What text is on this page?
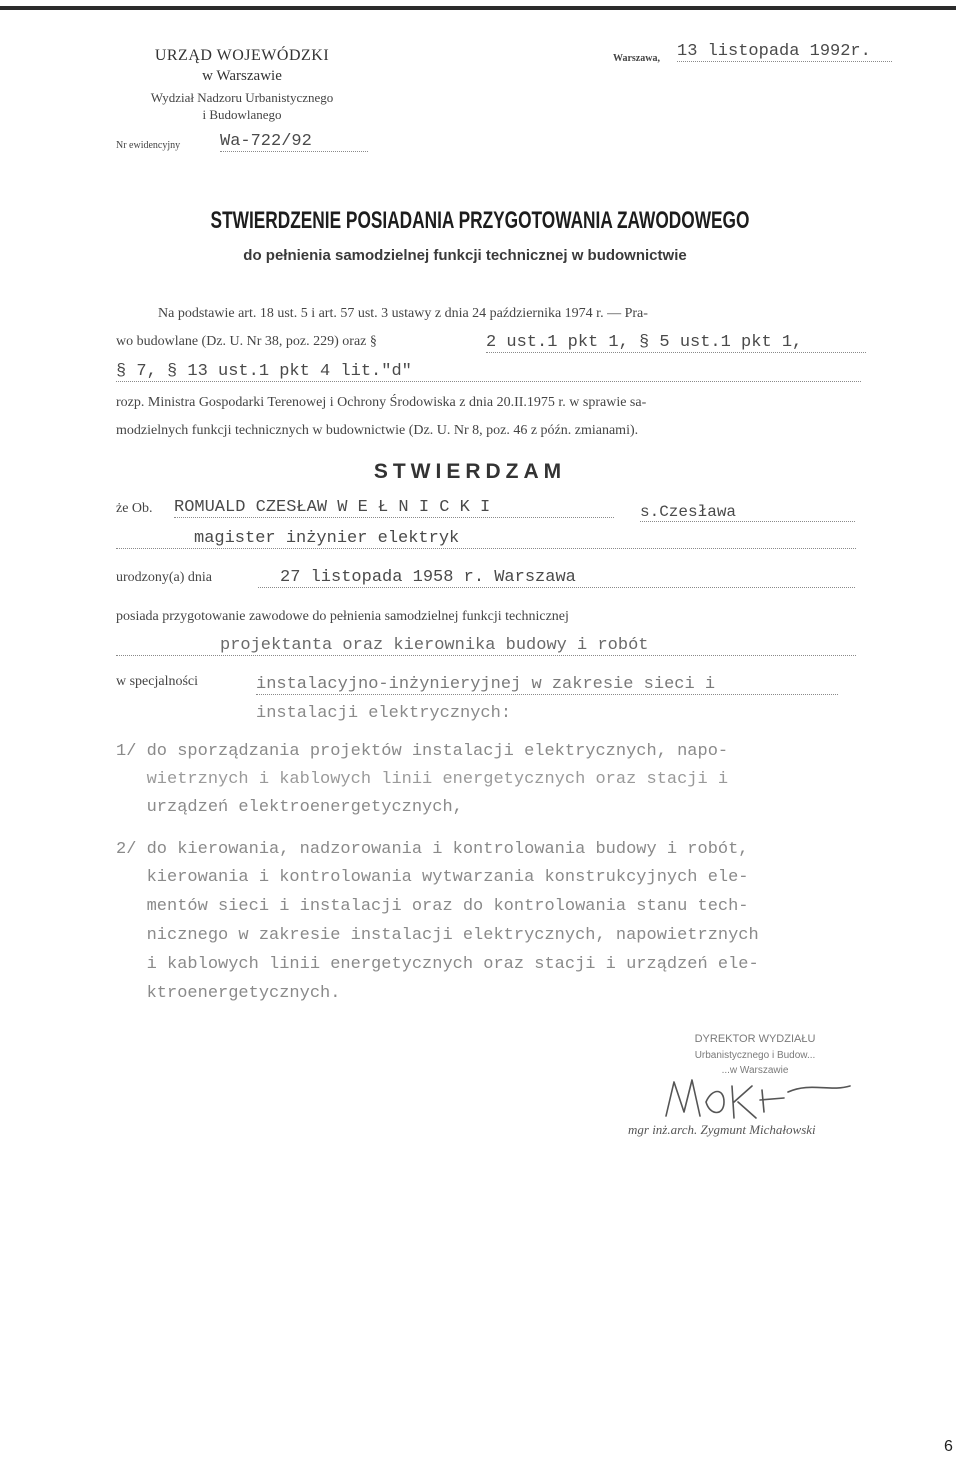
URZĄD WOJEWÓDZKI
w Warszawie
Wydział Nadzoru Urbanistycznego
i Budowlanego
Nr ewidencyjny Wa-722/92
Warszawa, 13 listopada 1992r.
STWIERDZENIE POSIADANIA PRZYGOTOWANIA ZAWODOWEGO
do pełnienia samodzielnej funkcji technicznej w budownictwie
Na podstawie art. 18 ust. 5 i art. 57 ust. 3 ustawy z dnia 24 października 1974 r. — Pra-
wo budowlane (Dz. U. Nr 38, poz. 229) oraz §	2 ust.1 pkt 1, § 5 ust.1 pkt 1,
§ 7, § 13 ust.1 pkt 4 lit."d"
rozp. Ministra Gospodarki Terenowej i Ochrony Środowiska z dnia 20.II.1975 r. w sprawie sa-
modzielnych funkcji technicznych w budownictwie (Dz. U. Nr 8, poz. 46 z późn. zmianami).
STWIERDZAM
że Ob. ROMUALD CZESŁAW W E Ł N I C K I	s.Czesława
magister inżynier elektryk
urodzony(a) dnia	27 listopada 1958 r. Warszawa
posiada przygotowanie zawodowe do pełnienia samodzielnej funkcji technicznej
projektanta oraz kierownika budowy i robót
w specjalności	instalacyjno-inżynieryjnej w zakresie sieci i
instalacji elektrycznych:
1/ do sporządzania projektów instalacji elektrycznych, napo-
wietrznych i kablowych linii energetycznych oraz stacji i
urządzeń elektroenergetycznych,
2/ do kierowania, nadzorowania i kontrolowania budowy i robót,
kierowania i kontrolowania wytwarzania konstrukcyjnych ele-
mentów sieci i instalacji oraz do kontrolowania stanu tech-
nicznego w zakresie instalacji elektrycznych, napowietrznych
i kablowych linii energetycznych oraz stacji i urządzeń ele-
ktroenergetycznych.
DYREKTOR WYDZIAŁU
Urbanistycznego i Budow...
...w Warszawie
mgr inż.arch. Zygmunt Michałowski
6
